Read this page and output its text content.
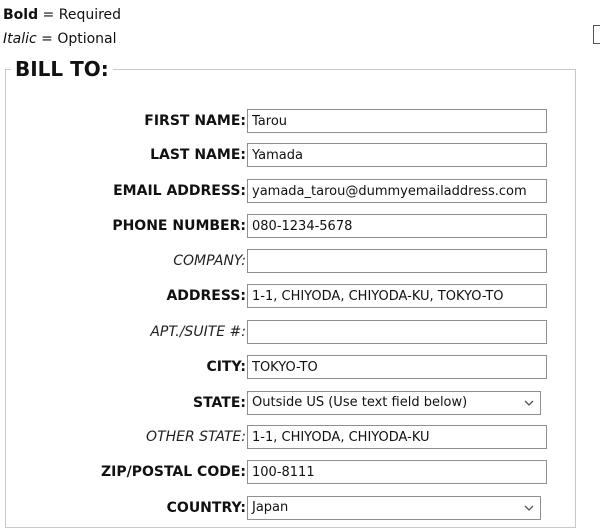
Bold = Required
Italic = Optional
BILL TO:
FIRST NAME:
Tarou
LAST NAME:
Yamada
EMAIL ADDRESS:
yamada_tarou@dummyemailaddress.com
PHONE NUMBER:
080-1234-5678
COMPANY:
ADDRESS:
1-1, CHIYODA, CHIYODA-KU, TOKYO-TO
APT./SUITE #:
CITY:
TOKYO-TO
STATE: Outside US (Use text field below)
OTHER STATE:
1-1, CHIYODA, CHIYODA-KU
ZIP/POSTAL CODE:
100-8111
COUNTRY: Japan
